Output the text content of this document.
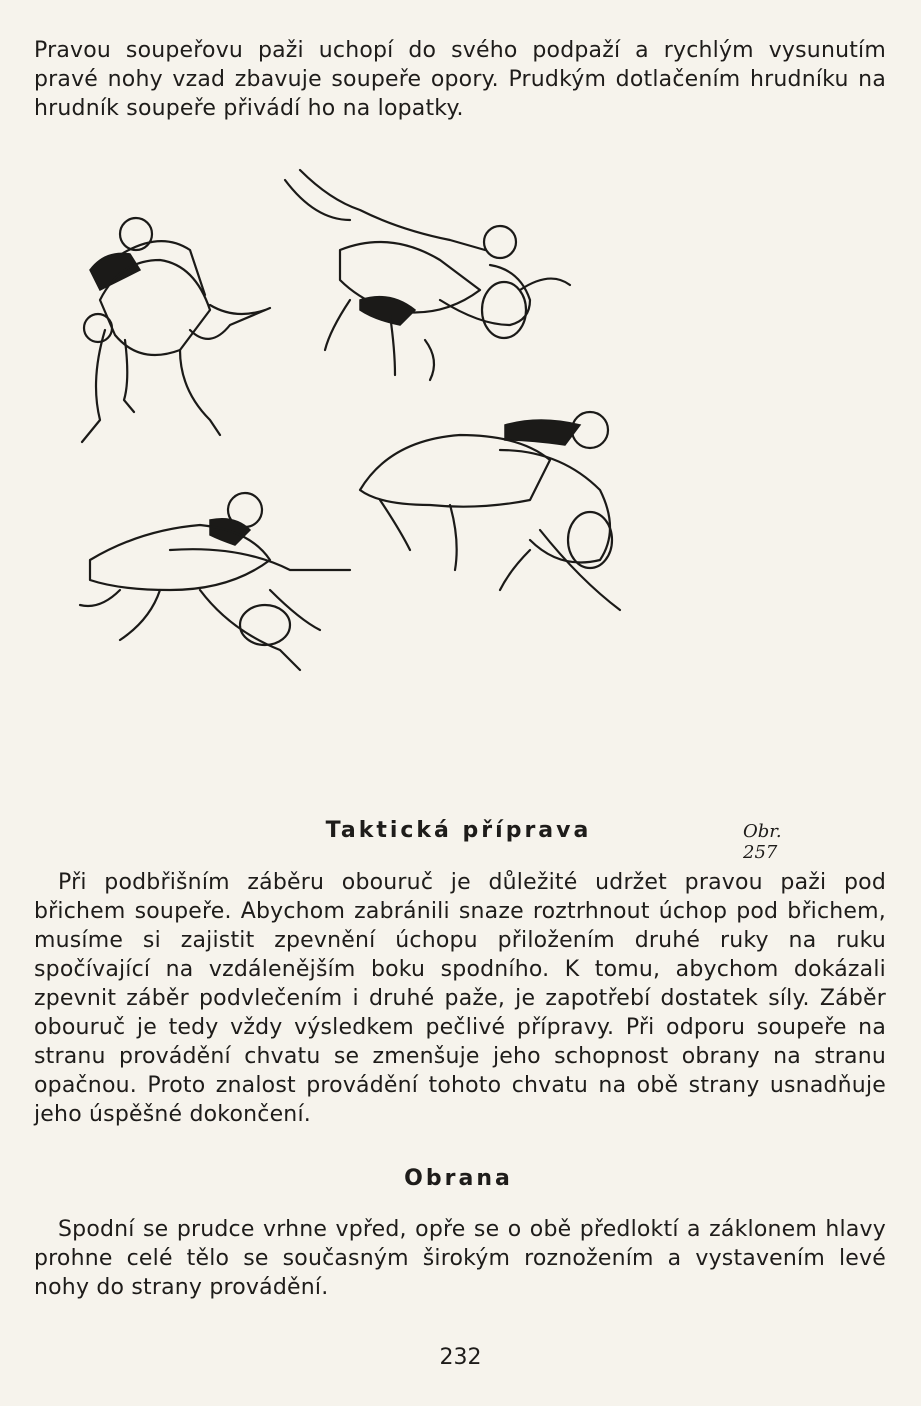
Pravou soupeřovu paži uchopí do svého podpaží a rychlým vysunutím pravé nohy vzad zbavuje soupeře opory. Prudkým dotlačením hrudníku na hrudník soupeře přivádí ho na lopatky.

Obr. 257
Taktická příprava

Při podbřišním záběru obouruč je důležité udržet pravou paži pod břichem soupeře. Abychom zabránili snaze roztrhnout úchop pod břichem, musíme si zajistit zpevnění úchopu přiložením druhé ruky na ruku spočívající na vzdálenějším boku spodního. K tomu, abychom dokázali zpevnit záběr podvlečením i druhé paže, je zapotřebí dostatek síly. Záběr obouruč je tedy vždy výsledkem pečlivé přípravy. Při odporu soupeře na stranu provádění chvatu se zmenšuje jeho schopnost obrany na stranu opačnou. Proto znalost provádění tohoto chvatu na obě strany usnadňuje jeho úspěšné dokončení.

Obrana

Spodní se prudce vrhne vpřed, opře se o obě předloktí a záklonem hlavy prohne celé tělo se současným širokým roznožením a vystavením levé nohy do strany provádění.

232
